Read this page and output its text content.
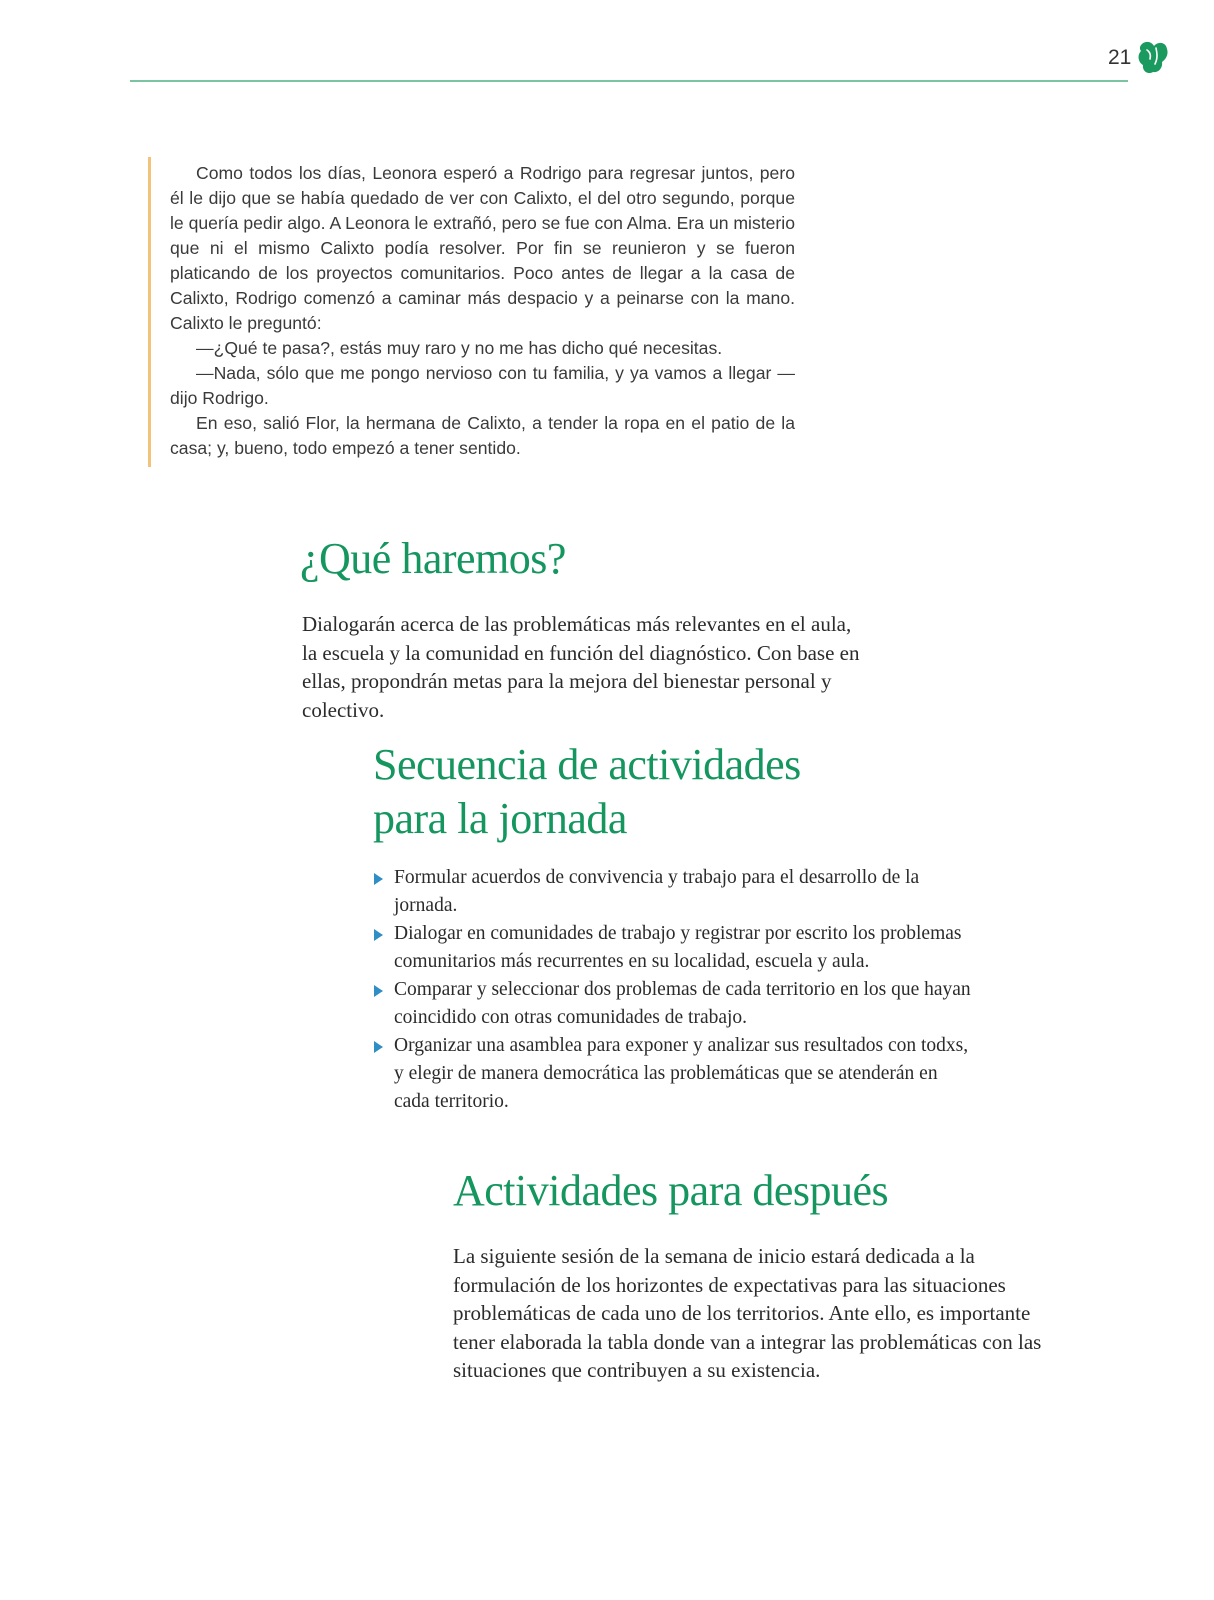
21

Como todos los días, Leonora esperó a Rodrigo para regresar juntos, pero él le dijo que se había quedado de ver con Calixto, el del otro segundo, porque le quería pedir algo. A Leonora le extrañó, pero se fue con Alma. Era un misterio que ni el mismo Calixto podía resolver. Por fin se reunieron y se fueron platicando de los proyectos comunitarios. Poco antes de llegar a la casa de Calixto, Rodrigo comenzó a caminar más despacio y a peinarse con la mano. Calixto le preguntó:

—¿Qué te pasa?, estás muy raro y no me has dicho qué necesitas.

—Nada, sólo que me pongo nervioso con tu familia, y ya vamos a llegar —dijo Rodrigo.

En eso, salió Flor, la hermana de Calixto, a tender la ropa en el patio de la casa; y, bueno, todo empezó a tener sentido.

¿Qué haremos?

Dialogarán acerca de las problemáticas más relevantes en el aula, la escuela y la comunidad en función del diagnóstico. Con base en ellas, propondrán metas para la mejora del bienestar personal y colectivo.

Secuencia de actividades
para la jornada
Formular acuerdos de convivencia y trabajo para el desarrollo de la jornada.
Dialogar en comunidades de trabajo y registrar por escrito los problemas comunitarios más recurrentes en su localidad, escuela y aula.
Comparar y seleccionar dos problemas de cada territorio en los que hayan coincidido con otras comunidades de trabajo.
Organizar una asamblea para exponer y analizar sus resultados con todxs, y elegir de manera democrática las problemáticas que se atenderán en cada territorio.
Actividades para después

La siguiente sesión de la semana de inicio estará dedicada a la formulación de los horizontes de expectativas para las situaciones problemáticas de cada uno de los territorios. Ante ello, es importante tener elaborada la tabla donde van a integrar las problemáticas con las situaciones que contribuyen a su existencia.
